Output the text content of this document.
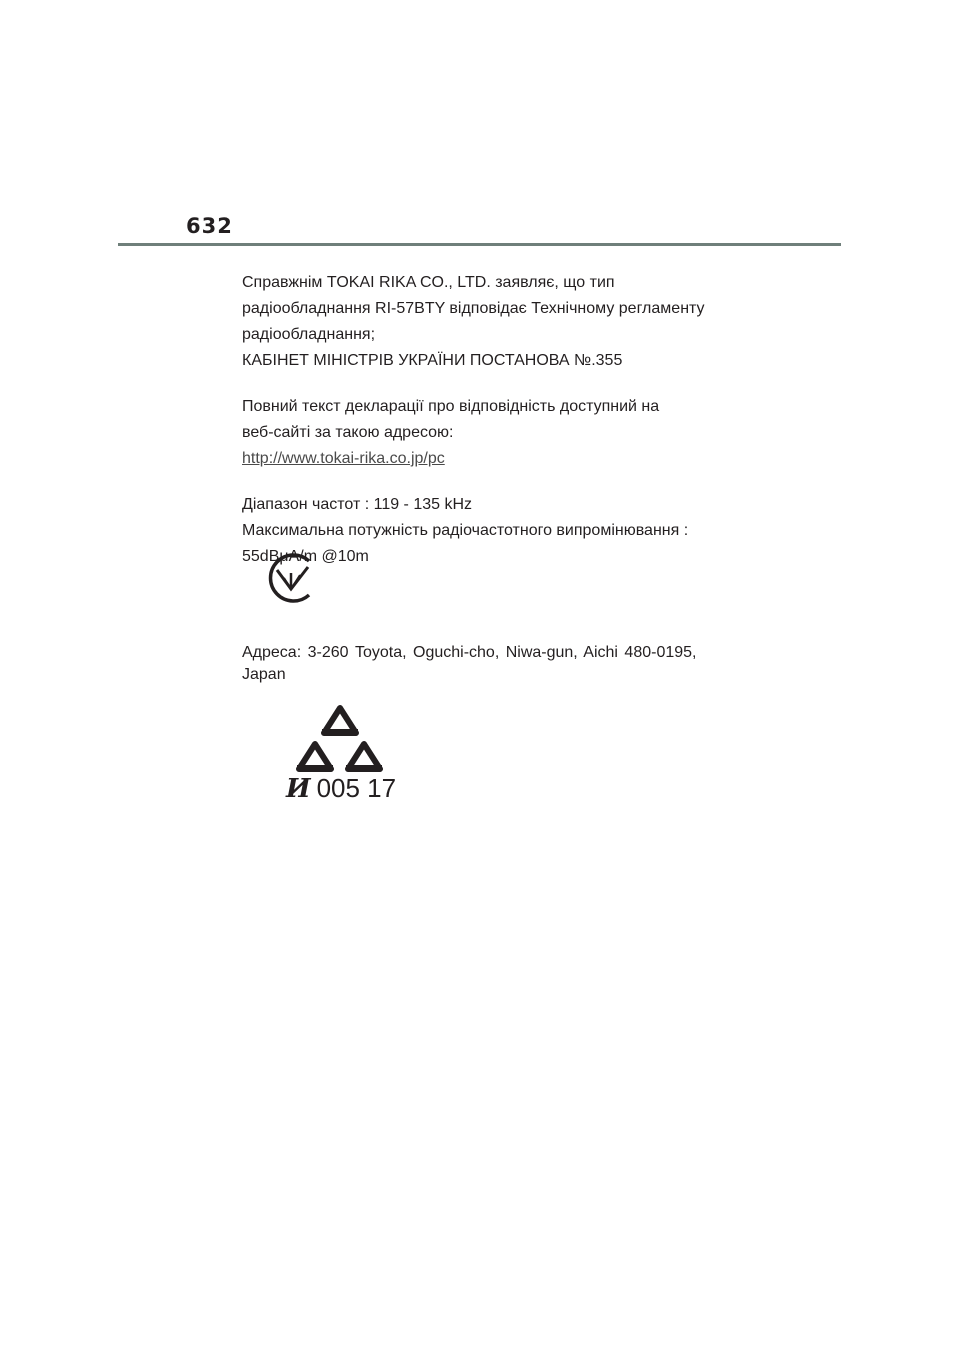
632

Справжнім TOKAI RIKA CO., LTD. заявляє, що тип

радіообладнання RI-57BTY відповідає Технічному регламенту

радіообладнання;

КАБІНЕТ МІНІСТРІВ УКРАЇНИ ПОСТАНОВА №.355

Повний текст декларації про відповідність доступний на

веб-сайті за такою адресою:

http://www.tokai-rika.co.jp/pc

Діапазон частот : 119 - 135 kHz

Максимальна потужність радіочастотного випромінювання :

55dBμA/m @10m

Адреса: 3-260 Toyota, Oguchi-cho, Niwa-gun, Aichi 480-0195,

Japan

И 005 17
